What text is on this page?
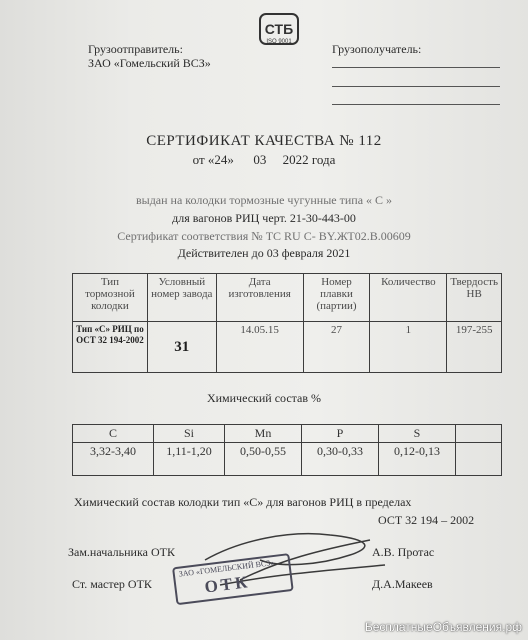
СТБ
ISO 9001
Грузоотправитель:
ЗАО «Гомельский ВСЗ»
Грузополучатель:
СЕРТИФИКАТ КАЧЕСТВА № 112
от «24»      03     2022 года
выдан на колодки тормозные чугунные типа « С »
для вагонов РИЦ черт. 21-30-443-00
Сертификат соответствия № ТС RU С- BY.ЖТ02.В.00609
Действителен до 03 февраля 2021
Тип тормозной колодки	Условный номер завода	Дата изготовления	Номер плавки (партии)	Количество	Твердость НВ
Тип «С» РИЦ по ОСТ 32 194-2002	31	14.05.15	27	1	197-255
Химический состав %
C	Si	Mn	P	S	
3,32-3,40	1,11-1,20	0,50-0,55	0,30-0,33	0,12-0,13	
Химический состав колодки тип «С» для вагонов РИЦ в пределах
ОСТ 32 194 – 2002
Зам.начальника ОТК	А.В. Протас
Ст. мастер ОТК	Д.А.Макеев
ЗАО «ГОМЕЛЬСКИЙ ВСЗ»
ОТК
БесплатныеОбъявления.рф
